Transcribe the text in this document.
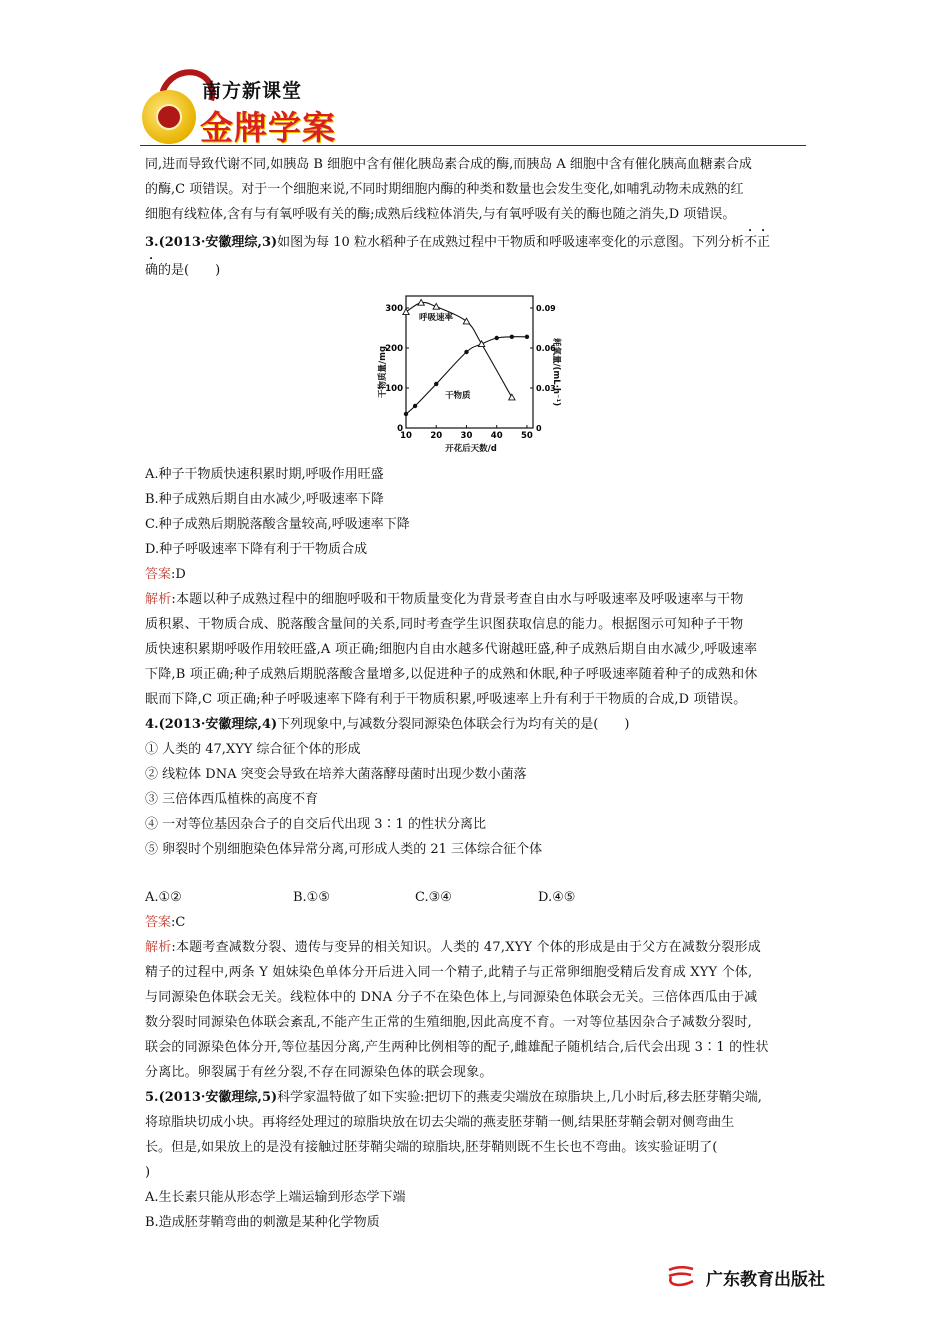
南方新课堂
金牌学案

同,进而导致代谢不同,如胰岛 B 细胞中含有催化胰岛素合成的酶,而胰岛 A 细胞中含有催化胰高血糖素合成

的酶,C 项错误。对于一个细胞来说,不同时期细胞内酶的种类和数量也会发生变化,如哺乳动物未成熟的红

细胞有线粒体,含有与有氧呼吸有关的酶;成熟后线粒体消失,与有氧呼吸有关的酶也随之消失,D 项错误。

3.(2013·安徽理综,3)如图为每 10 粒水稻种子在成熟过程中干物质和呼吸速率变化的示意图。下列分析不正

确的是(　　)

干物质量/mg	耗氧量/(mL·h⁻¹)
开花后天数/d
干物质
呼吸速率
10 20 30 40 50
0
100
200
300
0
0.03
0.06
0.09

A.种子干物质快速积累时期,呼吸作用旺盛

B.种子成熟后期自由水减少,呼吸速率下降

C.种子成熟后期脱落酸含量较高,呼吸速率下降

D.种子呼吸速率下降有利于干物质合成

答案:D

解析:本题以种子成熟过程中的细胞呼吸和干物质量变化为背景考查自由水与呼吸速率及呼吸速率与干物

质积累、干物质合成、脱落酸含量间的关系,同时考查学生识图获取信息的能力。根据图示可知种子干物

质快速积累期呼吸作用较旺盛,A 项正确;细胞内自由水越多代谢越旺盛,种子成熟后期自由水减少,呼吸速率

下降,B 项正确;种子成熟后期脱落酸含量增多,以促进种子的成熟和休眠,种子呼吸速率随着种子的成熟和休

眠而下降,C 项正确;种子呼吸速率下降有利于干物质积累,呼吸速率上升有利于干物质的合成,D 项错误。

4.(2013·安徽理综,4)下列现象中,与减数分裂同源染色体联会行为均有关的是(　　)

① 人类的 47,XYY 综合征个体的形成

② 线粒体 DNA 突变会导致在培养大菌落酵母菌时出现少数小菌落

③ 三倍体西瓜植株的高度不育

④ 一对等位基因杂合子的自交后代出现 3∶1 的性状分离比

⑤ 卵裂时个别细胞染色体异常分离,可形成人类的 21 三体综合征个体

A.①②	B.①⑤	C.③④	D.④⑤

答案:C

解析:本题考查减数分裂、遗传与变异的相关知识。人类的 47,XYY 个体的形成是由于父方在减数分裂形成

精子的过程中,两条 Y 姐妹染色单体分开后进入同一个精子,此精子与正常卵细胞受精后发育成 XYY 个体,

与同源染色体联会无关。线粒体中的 DNA 分子不在染色体上,与同源染色体联会无关。三倍体西瓜由于减

数分裂时同源染色体联会紊乱,不能产生正常的生殖细胞,因此高度不育。一对等位基因杂合子减数分裂时,

联会的同源染色体分开,等位基因分离,产生两种比例相等的配子,雌雄配子随机结合,后代会出现 3∶1 的性状

分离比。卵裂属于有丝分裂,不存在同源染色体的联会现象。

5.(2013·安徽理综,5)科学家温特做了如下实验:把切下的燕麦尖端放在琼脂块上,几小时后,移去胚芽鞘尖端,

将琼脂块切成小块。再将经处理过的琼脂块放在切去尖端的燕麦胚芽鞘一侧,结果胚芽鞘会朝对侧弯曲生

长。但是,如果放上的是没有接触过胚芽鞘尖端的琼脂块,胚芽鞘则既不生长也不弯曲。该实验证明了(

)

A.生长素只能从形态学上端运输到形态学下端

B.造成胚芽鞘弯曲的刺激是某种化学物质

广东教育出版社
